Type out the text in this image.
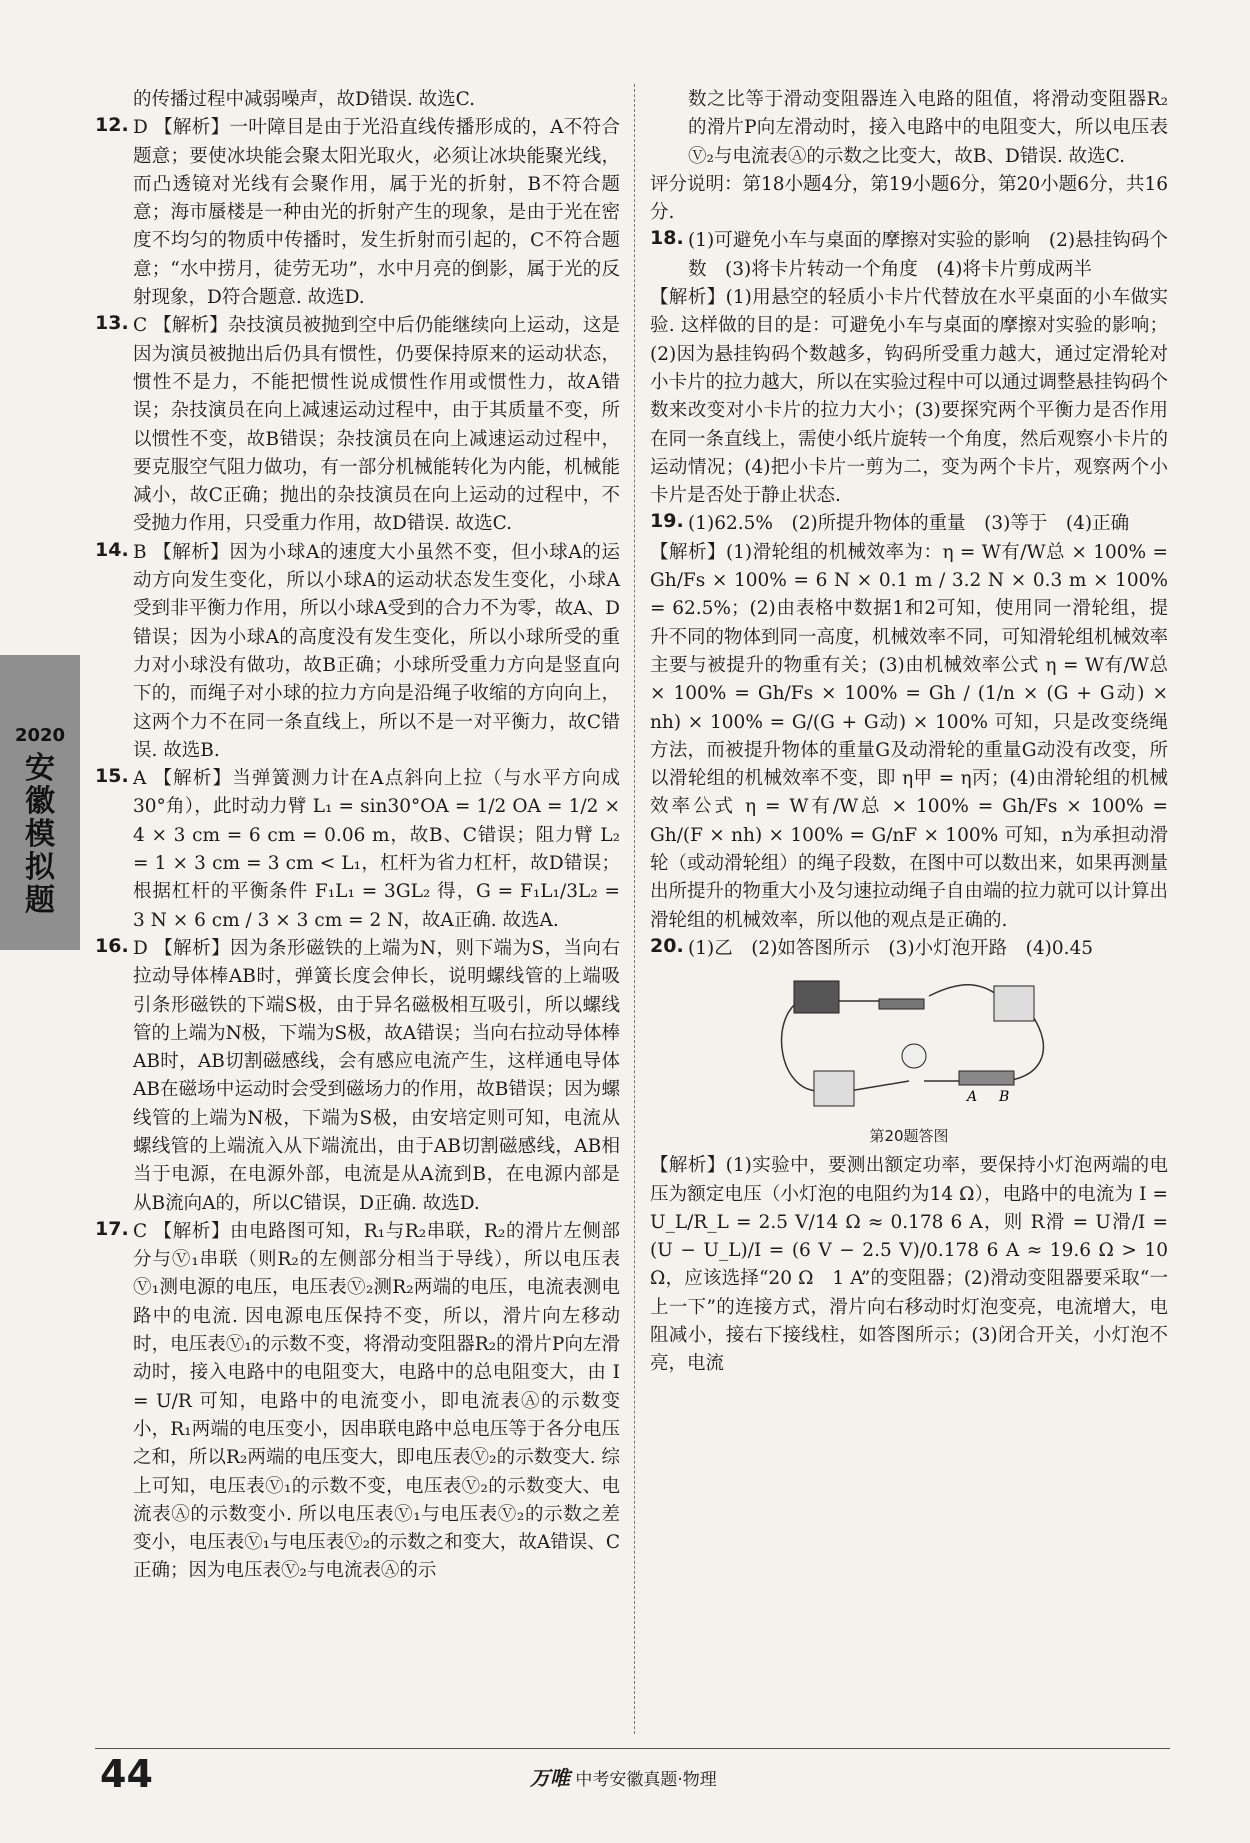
2020
安徽模拟题

的传播过程中减弱噪声，故D错误. 故选C.

12. D 【解析】一叶障目是由于光沿直线传播形成的，A不符合题意；要使冰块能会聚太阳光取火，必须让冰块能聚光线，而凸透镜对光线有会聚作用，属于光的折射，B不符合题意；海市蜃楼是一种由光的折射产生的现象，是由于光在密度不均匀的物质中传播时，发生折射而引起的，C不符合题意；“水中捞月，徒劳无功”，水中月亮的倒影，属于光的反射现象，D符合题意. 故选D.

13. C 【解析】杂技演员被抛到空中后仍能继续向上运动，这是因为演员被抛出后仍具有惯性，仍要保持原来的运动状态，惯性不是力，不能把惯性说成惯性作用或惯性力，故A错误；杂技演员在向上减速运动过程中，由于其质量不变，所以惯性不变，故B错误；杂技演员在向上减速运动过程中，要克服空气阻力做功，有一部分机械能转化为内能，机械能减小，故C正确；抛出的杂技演员在向上运动的过程中，不受抛力作用，只受重力作用，故D错误. 故选C.

14. B 【解析】因为小球A的速度大小虽然不变，但小球A的运动方向发生变化，所以小球A的运动状态发生变化，小球A受到非平衡力作用，所以小球A受到的合力不为零，故A、D错误；因为小球A的高度没有发生变化，所以小球所受的重力对小球没有做功，故B正确；小球所受重力方向是竖直向下的，而绳子对小球的拉力方向是沿绳子收缩的方向向上，这两个力不在同一条直线上，所以不是一对平衡力，故C错误. 故选B.

15. A 【解析】当弹簧测力计在A点斜向上拉（与水平方向成30°角），此时动力臂 L₁ = sin30°OA = 1/2 OA = 1/2 × 4 × 3 cm = 6 cm = 0.06 m，故B、C错误；阻力臂 L₂ = 1 × 3 cm = 3 cm < L₁，杠杆为省力杠杆，故D错误；根据杠杆的平衡条件 F₁L₁ = 3GL₂ 得，G = F₁L₁/3L₂ = 3 N × 6 cm / 3 × 3 cm = 2 N，故A正确. 故选A.

16. D 【解析】因为条形磁铁的上端为N，则下端为S，当向右拉动导体棒AB时，弹簧长度会伸长，说明螺线管的上端吸引条形磁铁的下端S极，由于异名磁极相互吸引，所以螺线管的上端为N极，下端为S极，故A错误；当向右拉动导体棒AB时，AB切割磁感线，会有感应电流产生，这样通电导体AB在磁场中运动时会受到磁场力的作用，故B错误；因为螺线管的上端为N极，下端为S极，由安培定则可知，电流从螺线管的上端流入从下端流出，由于AB切割磁感线，AB相当于电源，在电源外部，电流是从A流到B，在电源内部是从B流向A的，所以C错误，D正确. 故选D.

17. C 【解析】由电路图可知，R₁与R₂串联，R₂的滑片左侧部分与Ⓥ₁串联（则R₂的左侧部分相当于导线），所以电压表Ⓥ₁测电源的电压，电压表Ⓥ₂测R₂两端的电压，电流表测电路中的电流. 因电源电压保持不变，所以，滑片向左移动时，电压表Ⓥ₁的示数不变，将滑动变阻器R₂的滑片P向左滑动时，接入电路中的电阻变大，电路中的总电阻变大，由 I = U/R 可知，电路中的电流变小，即电流表Ⓐ的示数变小，R₁两端的电压变小，因串联电路中总电压等于各分电压之和，所以R₂两端的电压变大，即电压表Ⓥ₂的示数变大. 综上可知，电压表Ⓥ₁的示数不变，电压表Ⓥ₂的示数变大、电流表Ⓐ的示数变小. 所以电压表Ⓥ₁与电压表Ⓥ₂的示数之差变小，电压表Ⓥ₁与电压表Ⓥ₂的示数之和变大，故A错误、C正确；因为电压表Ⓥ₂与电流表Ⓐ的示

数之比等于滑动变阻器连入电路的阻值，将滑动变阻器R₂的滑片P向左滑动时，接入电路中的电阻变大，所以电压表Ⓥ₂与电流表Ⓐ的示数之比变大，故B、D错误. 故选C.

评分说明：第18小题4分，第19小题6分，第20小题6分，共16分.

18. (1)可避免小车与桌面的摩擦对实验的影响　(2)悬挂钩码个数　(3)将卡片转动一个角度　(4)将卡片剪成两半

【解析】(1)用悬空的轻质小卡片代替放在水平桌面的小车做实验. 这样做的目的是：可避免小车与桌面的摩擦对实验的影响；(2)因为悬挂钩码个数越多，钩码所受重力越大，通过定滑轮对小卡片的拉力越大，所以在实验过程中可以通过调整悬挂钩码个数来改变对小卡片的拉力大小；(3)要探究两个平衡力是否作用在同一条直线上，需使小纸片旋转一个角度，然后观察小卡片的运动情况；(4)把小卡片一剪为二，变为两个卡片，观察两个小卡片是否处于静止状态.

19. (1)62.5%　(2)所提升物体的重量　(3)等于　(4)正确

【解析】(1)滑轮组的机械效率为：η = W有/W总 × 100% = Gh/Fs × 100% = 6 N × 0.1 m / 3.2 N × 0.3 m × 100% = 62.5%；(2)由表格中数据1和2可知，使用同一滑轮组，提升不同的物体到同一高度，机械效率不同，可知滑轮组机械效率主要与被提升的物重有关；(3)由机械效率公式 η = W有/W总 × 100% = Gh/Fs × 100% = Gh / (1/n × (G + G动) × nh) × 100% = G/(G + G动) × 100% 可知，只是改变绕绳方法，而被提升物体的重量G及动滑轮的重量G动没有改变，所以滑轮组的机械效率不变，即 η甲 = η丙；(4)由滑轮组的机械效率公式 η = W有/W总 × 100% = Gh/Fs × 100% = Gh/(F × nh) × 100% = G/nF × 100% 可知，n为承担动滑轮（或动滑轮组）的绳子段数，在图中可以数出来，如果再测量出所提升的物重大小及匀速拉动绳子自由端的拉力就可以计算出滑轮组的机械效率，所以他的观点是正确的.

20. (1)乙　(2)如答图所示　(3)小灯泡开路　(4)0.45

A B
第20题答图

【解析】(1)实验中，要测出额定功率，要保持小灯泡两端的电压为额定电压（小灯泡的电阻约为14 Ω），电路中的电流为 I = U_L/R_L = 2.5 V/14 Ω ≈ 0.178 6 A，则 R滑 = U滑/I = (U − U_L)/I = (6 V − 2.5 V)/0.178 6 A ≈ 19.6 Ω > 10 Ω，应该选择“20 Ω　1 A”的变阻器；(2)滑动变阻器要采取“一上一下”的连接方式，滑片向右移动时灯泡变亮，电流增大，电阻减小，接右下接线柱，如答图所示；(3)闭合开关，小灯泡不亮，电流

44	万唯 中考安徽真题·物理
